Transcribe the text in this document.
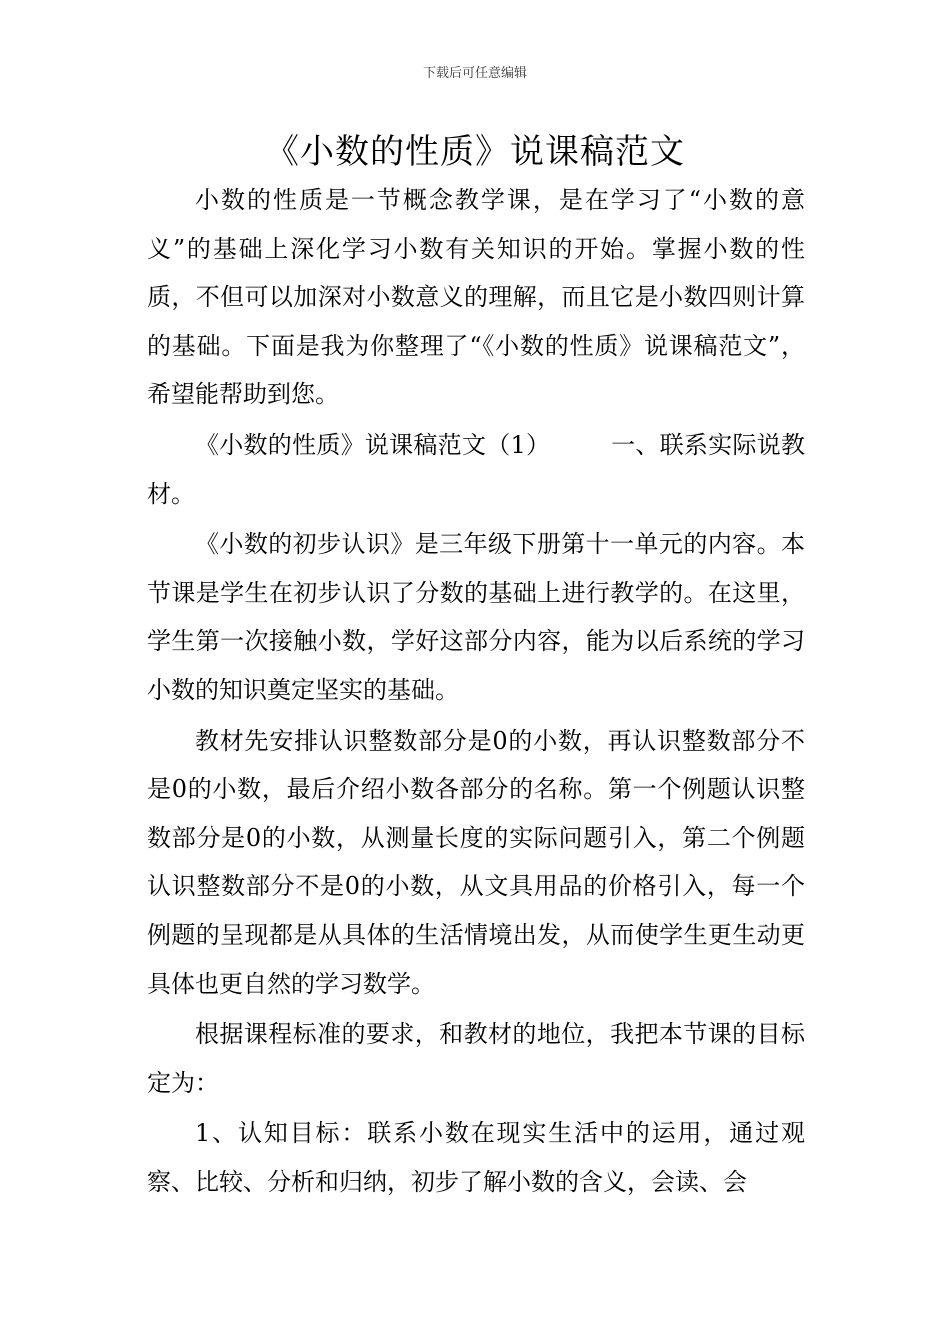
下载后可任意编辑
《小数的性质》说课稿范文

小数的性质是一节概念教学课，是在学习了“小数的意义”的基础上深化学习小数有关知识的开始。掌握小数的性质，不但可以加深对小数意义的理解，而且它是小数四则计算的基础。下面是我为你整理了“《小数的性质》说课稿范文”，希望能帮助到您。

《小数的性质》说课稿范文（1）　　　一、联系实际说教材。

《小数的初步认识》是三年级下册第十一单元的内容。本节课是学生在初步认识了分数的基础上进行教学的。在这里，学生第一次接触小数，学好这部分内容，能为以后系统的学习小数的知识奠定坚实的基础。

教材先安排认识整数部分是0的小数，再认识整数部分不是0的小数，最后介绍小数各部分的名称。第一个例题认识整数部分是0的小数，从测量长度的实际问题引入，第二个例题认识整数部分不是0的小数，从文具用品的价格引入，每一个例题的呈现都是从具体的生活情境出发，从而使学生更生动更具体也更自然的学习数学。

根据课程标准的要求，和教材的地位，我把本节课的目标定为：

1、认知目标：联系小数在现实生活中的运用，通过观察、比较、分析和归纳，初步了解小数的含义，会读、会
